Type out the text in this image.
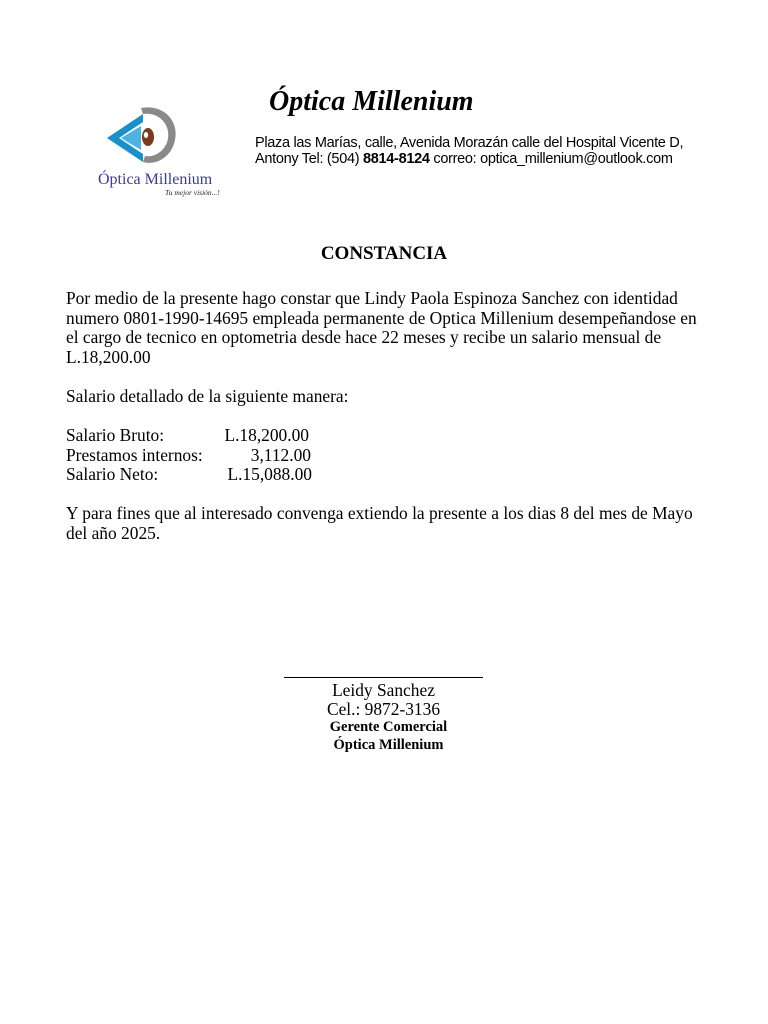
Óptica Millenium
Tu mejor visión...!
Óptica Millenium
Plaza las Marías, calle, Avenida Morazán calle del Hospital Vicente D,
Antony Tel: (504) 8814-8124 correo: optica_millenium@outlook.com
CONSTANCIA
Por medio de la presente hago constar que Lindy Paola Espinoza Sanchez con identidad numero 0801-1990-14695 empleada permanente de Optica Millenium desempeñandose en el cargo de tecnico en optometria desde hace 22 meses y recibe un salario mensual de L.18,200.00
Salario detallado de la siguiente manera:
Salario Bruto:	L.18,200.00
Prestamos internos:	3,112.00
Salario Neto:	L.15,088.00
Y para fines que al interesado convenga extiendo la presente a los dias 8 del mes de Mayo del año 2025.
Leidy Sanchez
Cel.: 9872-3136
Gerente Comercial
Óptica Millenium
